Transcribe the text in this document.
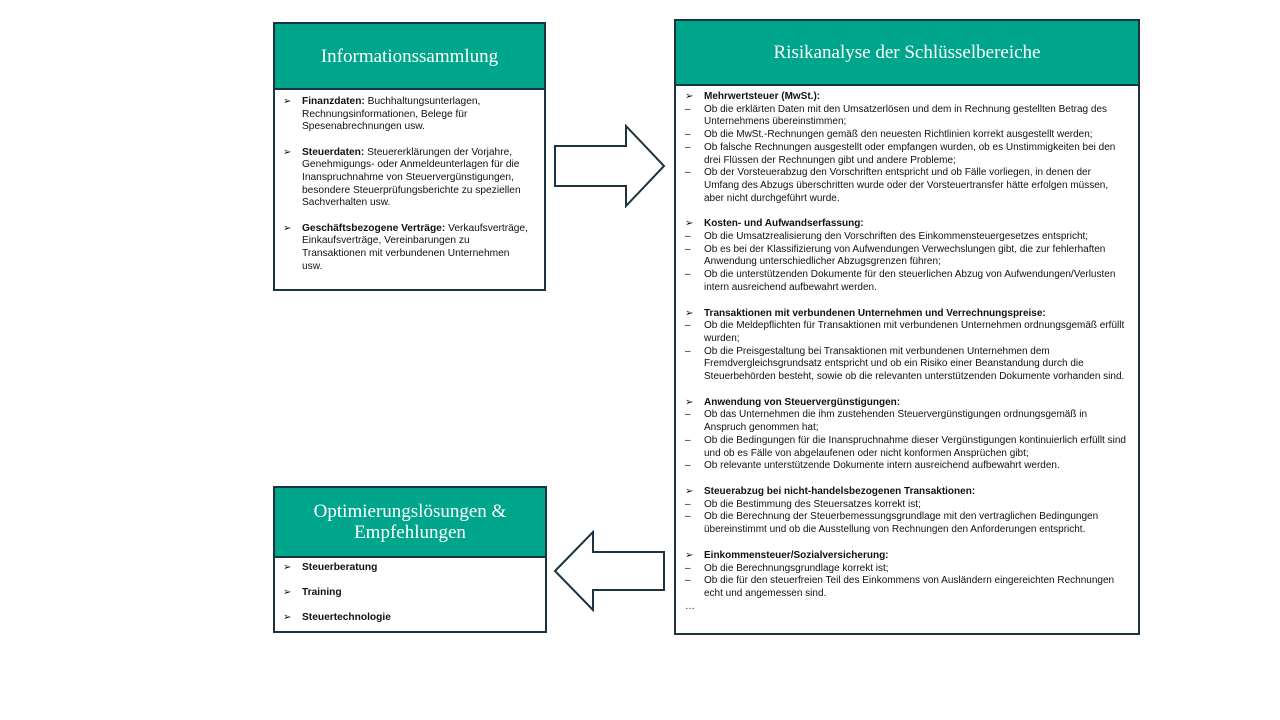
Informationssammlung
➢	Finanzdaten: Buchhaltungsunterlagen, Rechnungsinformationen, Belege für Spesenabrechnungen usw.
➢	Steuerdaten: Steuererklärungen der Vorjahre, Genehmigungs- oder Anmeldeunterlagen für die Inanspruchnahme von Steuervergünstigungen, besondere Steuerprüfungsberichte zu speziellen Sachverhalten usw.
➢	Geschäftsbezogene Verträge: Verkaufsverträge, Einkaufsverträge, Vereinbarungen zu Transaktionen mit verbundenen Unternehmen usw.
Risikanalyse der Schlüsselbereiche
➢	Mehrwertsteuer (MwSt.):
–	Ob die erklärten Daten mit den Umsatzerlösen und dem in Rechnung gestellten Betrag des Unternehmens übereinstimmen;
–	Ob die MwSt.-Rechnungen gemäß den neuesten Richtlinien korrekt ausgestellt werden;
–	Ob falsche Rechnungen ausgestellt oder empfangen wurden, ob es Unstimmigkeiten bei den drei Flüssen der Rechnungen gibt und andere Probleme;
–	Ob der Vorsteuerabzug den Vorschriften entspricht und ob Fälle vorliegen, in denen der Umfang des Abzugs überschritten wurde oder der Vorsteuertransfer hätte erfolgen müssen, aber nicht durchgeführt wurde.
➢	Kosten- und Aufwandserfassung:
–	Ob die Umsatzrealisierung den Vorschriften des Einkommensteuergesetzes entspricht;
–	Ob es bei der Klassifizierung von Aufwendungen Verwechslungen gibt, die zur fehlerhaften Anwendung unterschiedlicher Abzugsgrenzen führen;
–	Ob die unterstützenden Dokumente für den steuerlichen Abzug von Aufwendungen/Verlusten intern ausreichend aufbewahrt werden.
➢	Transaktionen mit verbundenen Unternehmen und Verrechnungspreise:
–	Ob die Meldepflichten für Transaktionen mit verbundenen Unternehmen ordnungsgemäß erfüllt wurden;
–	Ob die Preisgestaltung bei Transaktionen mit verbundenen Unternehmen dem Fremdvergleichsgrundsatz entspricht und ob ein Risiko einer Beanstandung durch die Steuerbehörden besteht, sowie ob die relevanten unterstützenden Dokumente vorhanden sind.
➢	Anwendung von Steuervergünstigungen:
–	Ob das Unternehmen die ihm zustehenden Steuervergünstigungen ordnungsgemäß in Anspruch genommen hat;
–	Ob die Bedingungen für die Inanspruchnahme dieser Vergünstigungen kontinuierlich erfüllt sind und ob es Fälle von abgelaufenen oder nicht konformen Ansprüchen gibt;
–	Ob relevante unterstützende Dokumente intern ausreichend aufbewahrt werden.
➢	Steuerabzug bei nicht-handelsbezogenen Transaktionen:
–	Ob die Bestimmung des Steuersatzes korrekt ist;
–	Ob die Berechnung der Steuerbemessungsgrundlage mit den vertraglichen Bedingungen übereinstimmt und ob die Ausstellung von Rechnungen den Anforderungen entspricht.
➢	Einkommensteuer/Sozialversicherung:
–	Ob die Berechnungsgrundlage korrekt ist;
–	Ob die für den steuerfreien Teil des Einkommens von Ausländern eingereichten Rechnungen echt und angemessen sind.
…
Optimierungslösungen & Empfehlungen
➢	Steuerberatung
➢	Training
➢	Steuertechnologie
